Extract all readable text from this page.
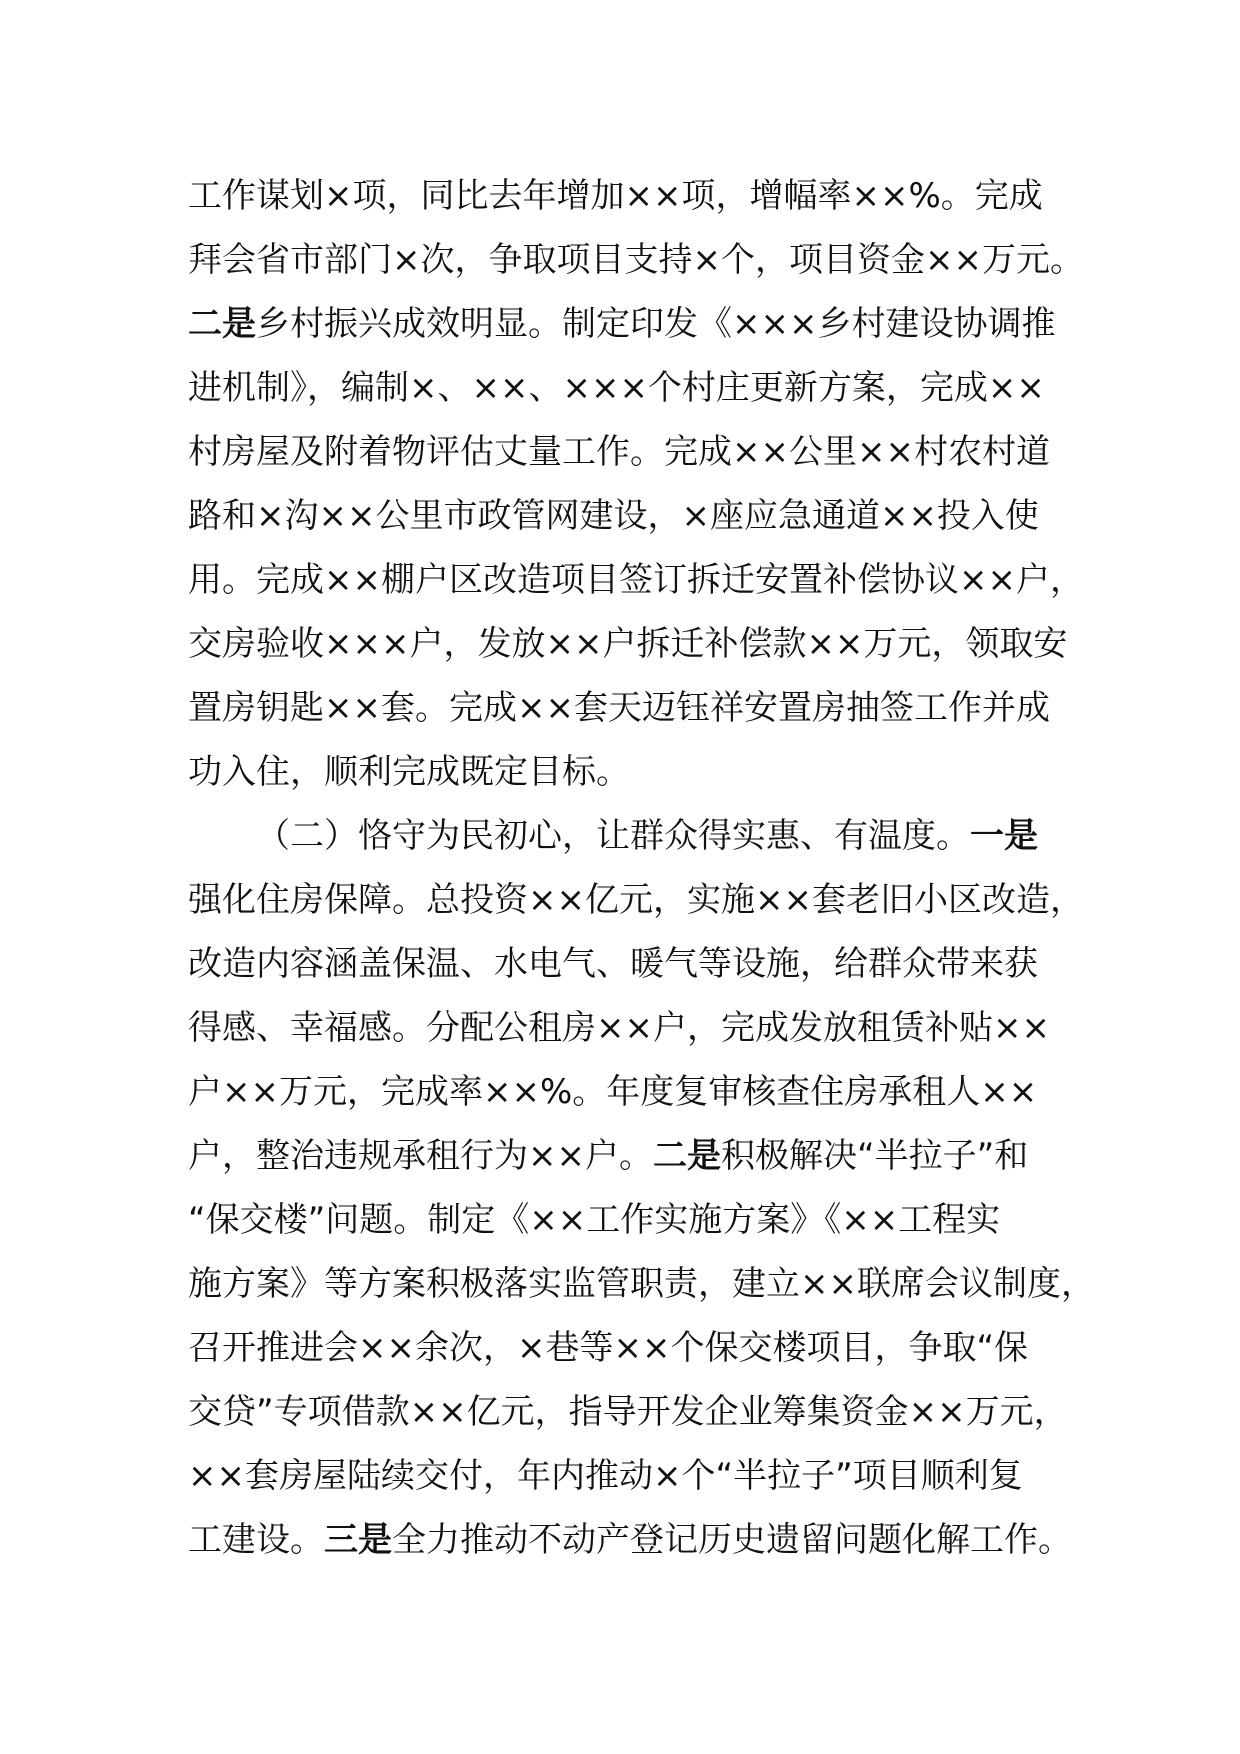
工作谋划×项，同比去年增加××项，增幅率××%。完成
拜会省市部门×次，争取项目支持×个，项目资金××万元。
二是乡村振兴成效明显。制定印发《×××乡村建设协调推
进机制》，编制×、××、×××个村庄更新方案，完成××
村房屋及附着物评估丈量工作。完成××公里××村农村道
路和×沟××公里市政管网建设，×座应急通道××投入使
用。完成××棚户区改造项目签订拆迁安置补偿协议××户，
交房验收×××户，发放××户拆迁补偿款××万元，领取安
置房钥匙××套。完成××套天迈钰祥安置房抽签工作并成
功入住，顺利完成既定目标。
（二）恪守为民初心，让群众得实惠、有温度。一是
强化住房保障。总投资××亿元，实施××套老旧小区改造，
改造内容涵盖保温、水电气、暖气等设施，给群众带来获
得感、幸福感。分配公租房××户，完成发放租赁补贴××
户××万元，完成率××%。年度复审核查住房承租人××
户，整治违规承租行为××户。二是积极解决“半拉子”和
“保交楼”问题。制定《××工作实施方案》《××工程实
施方案》等方案积极落实监管职责，建立××联席会议制度，
召开推进会××余次，×巷等××个保交楼项目，争取“保
交贷”专项借款××亿元，指导开发企业筹集资金××万元，
××套房屋陆续交付，年内推动×个“半拉子”项目顺利复
工建设。三是全力推动不动产登记历史遗留问题化解工作。
